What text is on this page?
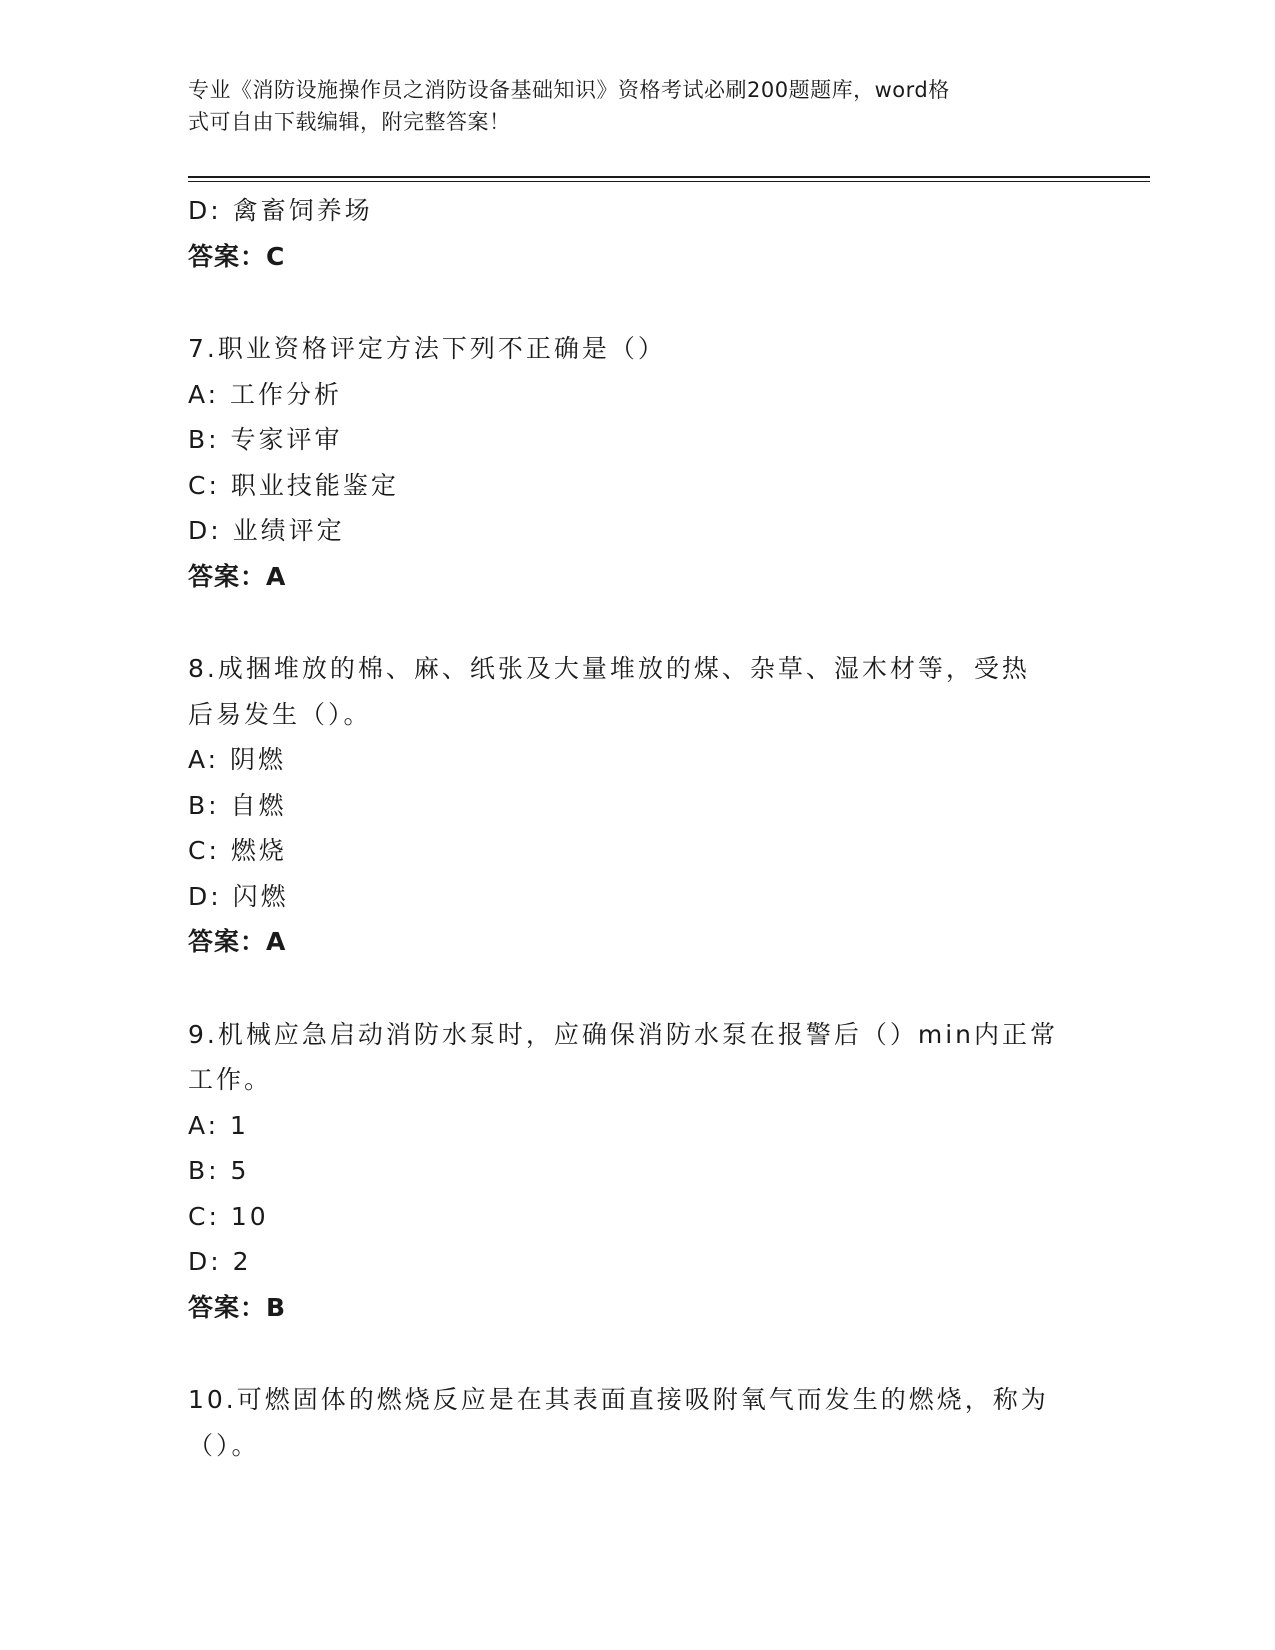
专业《消防设施操作员之消防设备基础知识》资格考试必刷200题题库，word格
式可自由下载编辑，附完整答案！
D: 禽畜饲养场
答案：C
7.职业资格评定方法下列不正确是（）
A: 工作分析
B: 专家评审
C: 职业技能鉴定
D: 业绩评定
答案：A
8.成捆堆放的棉、麻、纸张及大量堆放的煤、杂草、湿木材等，受热
后易发生（）。
A: 阴燃
B: 自燃
C: 燃烧
D: 闪燃
答案：A
9.机械应急启动消防水泵时，应确保消防水泵在报警后（）min内正常
工作。
A: 1
B: 5
C: 10
D: 2
答案：B
10.可燃固体的燃烧反应是在其表面直接吸附氧气而发生的燃烧，称为
（）。
